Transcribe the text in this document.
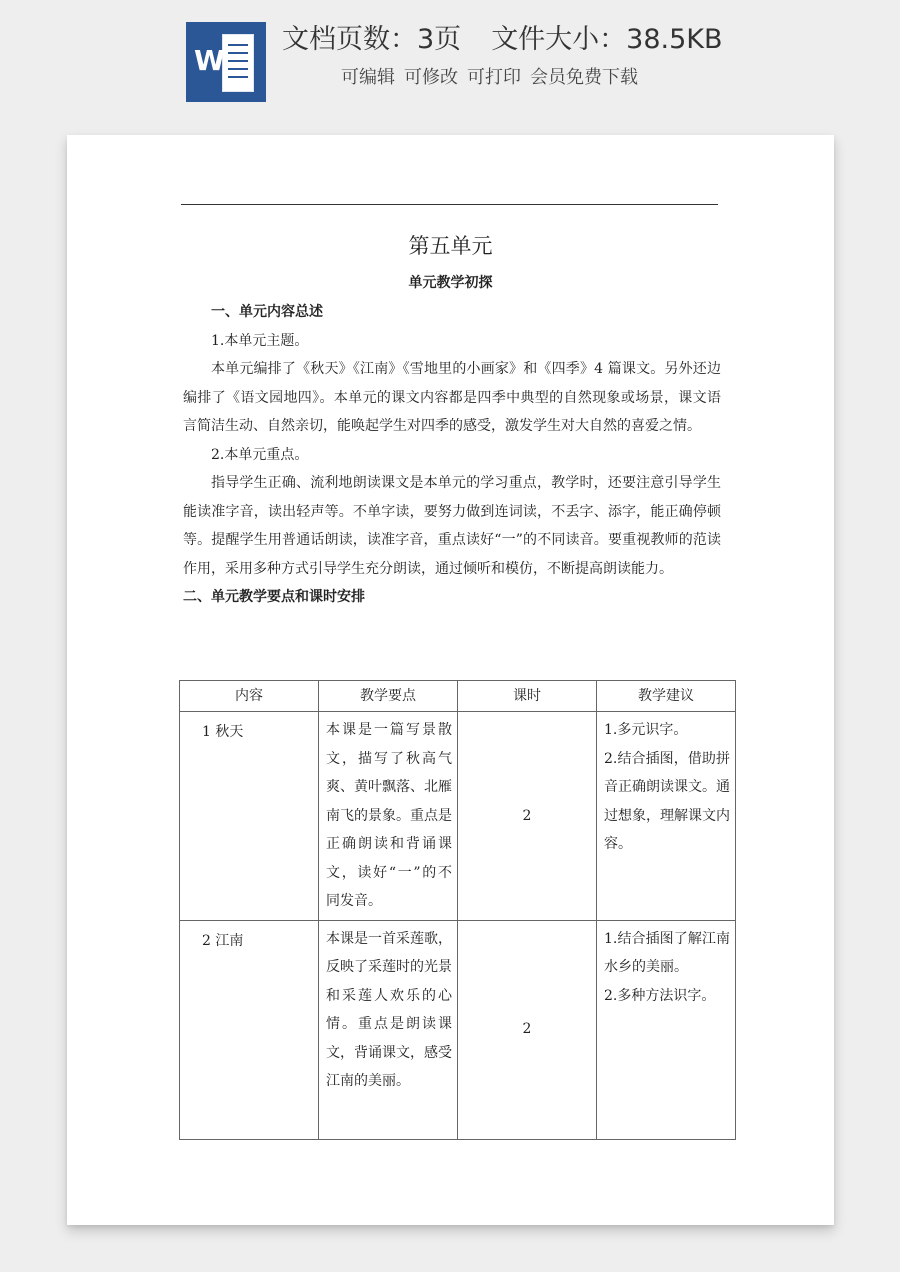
W
文档页数：3页 文件大小：38.5KB
可编辑 可修改 可打印 会员免费下载
第五单元
单元教学初探

一、单元内容总述

1.本单元主题。

本单元编排了《秋天》《江南》《雪地里的小画家》和《四季》4 篇课文。另外还边编排了《语文园地四》。本单元的课文内容都是四季中典型的自然现象或场景，课文语言简洁生动、自然亲切，能唤起学生对四季的感受，激发学生对大自然的喜爱之情。

2.本单元重点。

指导学生正确、流利地朗读课文是本单元的学习重点，教学时，还要注意引导学生能读准字音，读出轻声等。不单字读，要努力做到连词读，不丢字、添字，能正确停顿等。提醒学生用普通话朗读，读准字音，重点读好“一”的不同读音。要重视教师的范读作用，采用多种方式引导学生充分朗读，通过倾听和模仿，不断提高朗读能力。

二、单元教学要点和课时安排

内容	教学要点	课时	教学建议
1 秋天	本课是一篇写景散文，描写了秋高气爽、黄叶飘落、北雁南飞的景象。重点是正确朗读和背诵课文，读好“一”的不同发音。	2	1.多元识字。
2.结合插图，借助拼音正确朗读课文。通过想象，理解课文内容。

2 江南	本课是一首采莲歌，反映了采莲时的光景和采莲人欢乐的心情。重点是朗读课文，背诵课文，感受江南的美丽。	2	1.结合插图了解江南水乡的美丽。
2.多种方法识字。
